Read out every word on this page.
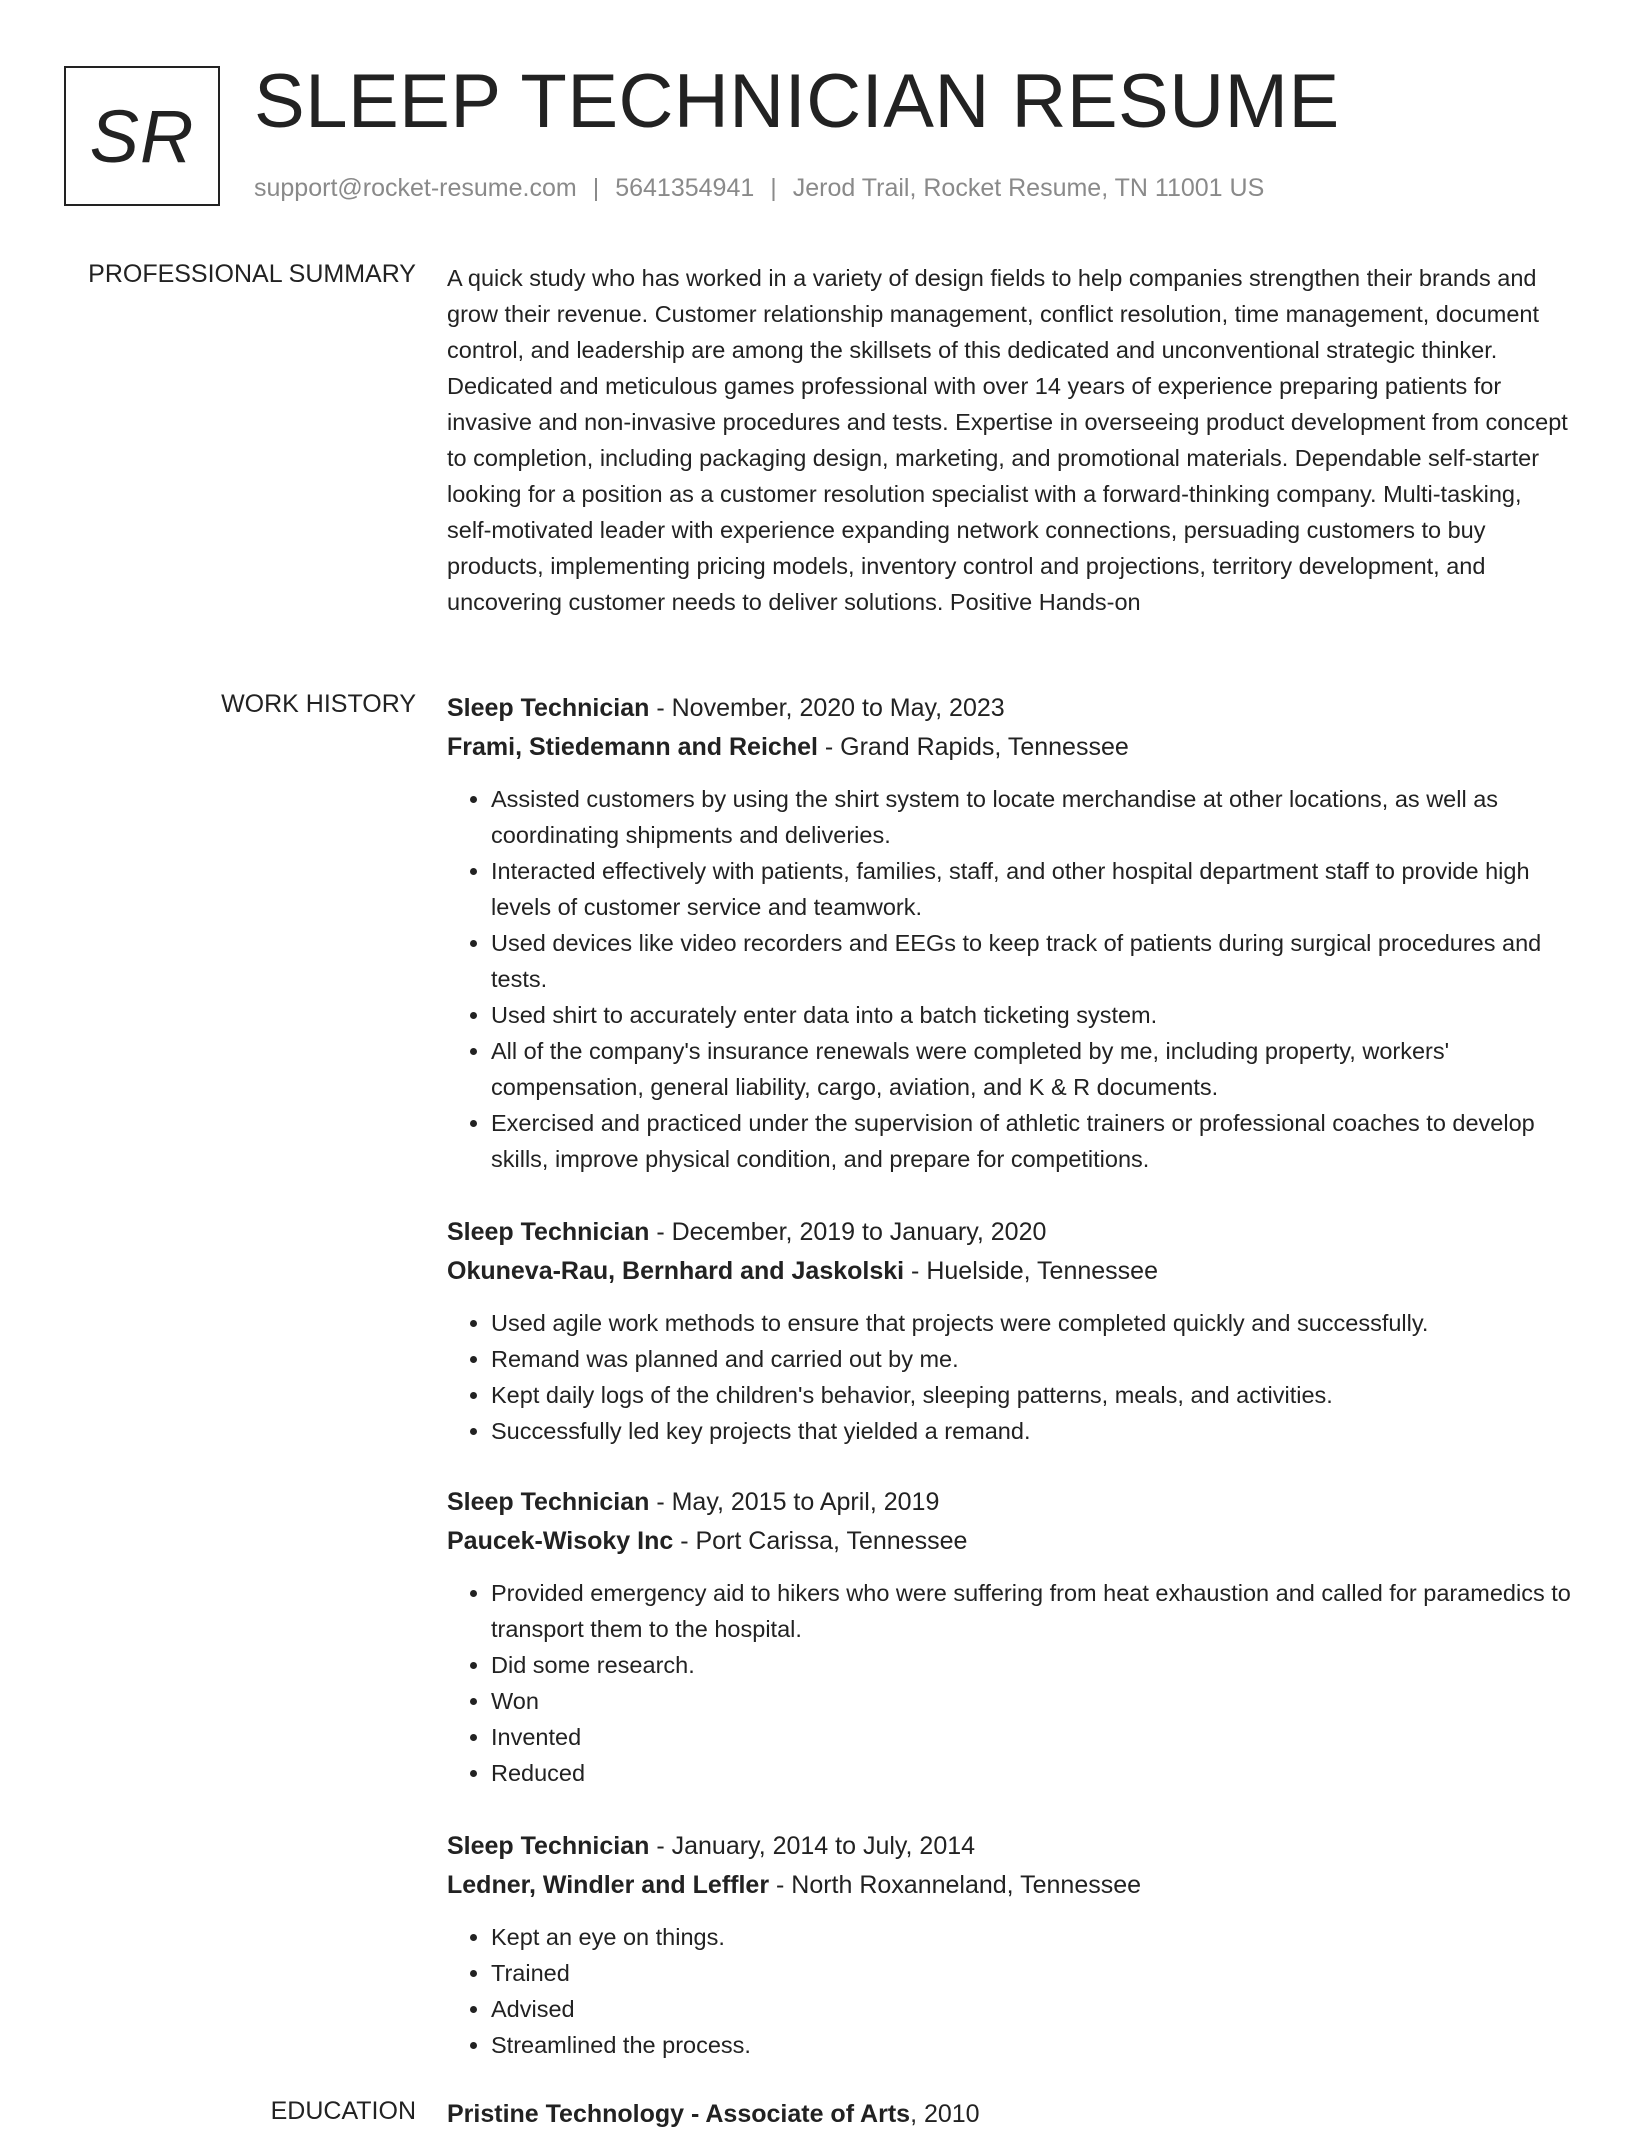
SR SLEEP TECHNICIAN RESUME
support@rocket-resume.com | 5641354941 | Jerod Trail, Rocket Resume, TN 11001 US
PROFESSIONAL SUMMARY A quick study who has worked in a variety of design fields to help companies strengthen their brands and grow their revenue. Customer relationship management, conflict resolution, time management, document control, and leadership are among the skillsets of this dedicated and unconventional strategic thinker. Dedicated and meticulous games professional with over 14 years of experience preparing patients for invasive and non-invasive procedures and tests. Expertise in overseeing product development from concept to completion, including packaging design, marketing, and promotional materials. Dependable self-starter looking for a position as a customer resolution specialist with a forward-thinking company. Multi-tasking, self-motivated leader with experience expanding network connections, persuading customers to buy products, implementing pricing models, inventory control and projections, territory development, and uncovering customer needs to deliver solutions. Positive Hands-on
WORK HISTORY Sleep Technician - November, 2020 to May, 2023
Frami, Stiedemann and Reichel - Grand Rapids, Tennessee
• Assisted customers by using the shirt system to locate merchandise at other locations, as well as coordinating shipments and deliveries.
• Interacted effectively with patients, families, staff, and other hospital department staff to provide high levels of customer service and teamwork.
• Used devices like video recorders and EEGs to keep track of patients during surgical procedures and tests.
• Used shirt to accurately enter data into a batch ticketing system.
• All of the company's insurance renewals were completed by me, including property, workers' compensation, general liability, cargo, aviation, and K & R documents.
• Exercised and practiced under the supervision of athletic trainers or professional coaches to develop skills, improve physical condition, and prepare for competitions.
Sleep Technician - December, 2019 to January, 2020
Okuneva-Rau, Bernhard and Jaskolski - Huelside, Tennessee
• Used agile work methods to ensure that projects were completed quickly and successfully.
• Remand was planned and carried out by me.
• Kept daily logs of the children's behavior, sleeping patterns, meals, and activities.
• Successfully led key projects that yielded a remand.
Sleep Technician - May, 2015 to April, 2019
Paucek-Wisoky Inc - Port Carissa, Tennessee
• Provided emergency aid to hikers who were suffering from heat exhaustion and called for paramedics to transport them to the hospital.
• Did some research.
• Won
• Invented
• Reduced
Sleep Technician - January, 2014 to July, 2014
Ledner, Windler and Leffler - North Roxanneland, Tennessee
• Kept an eye on things.
• Trained
• Advised
• Streamlined the process.
EDUCATION Pristine Technology - Associate of Arts, 2010
